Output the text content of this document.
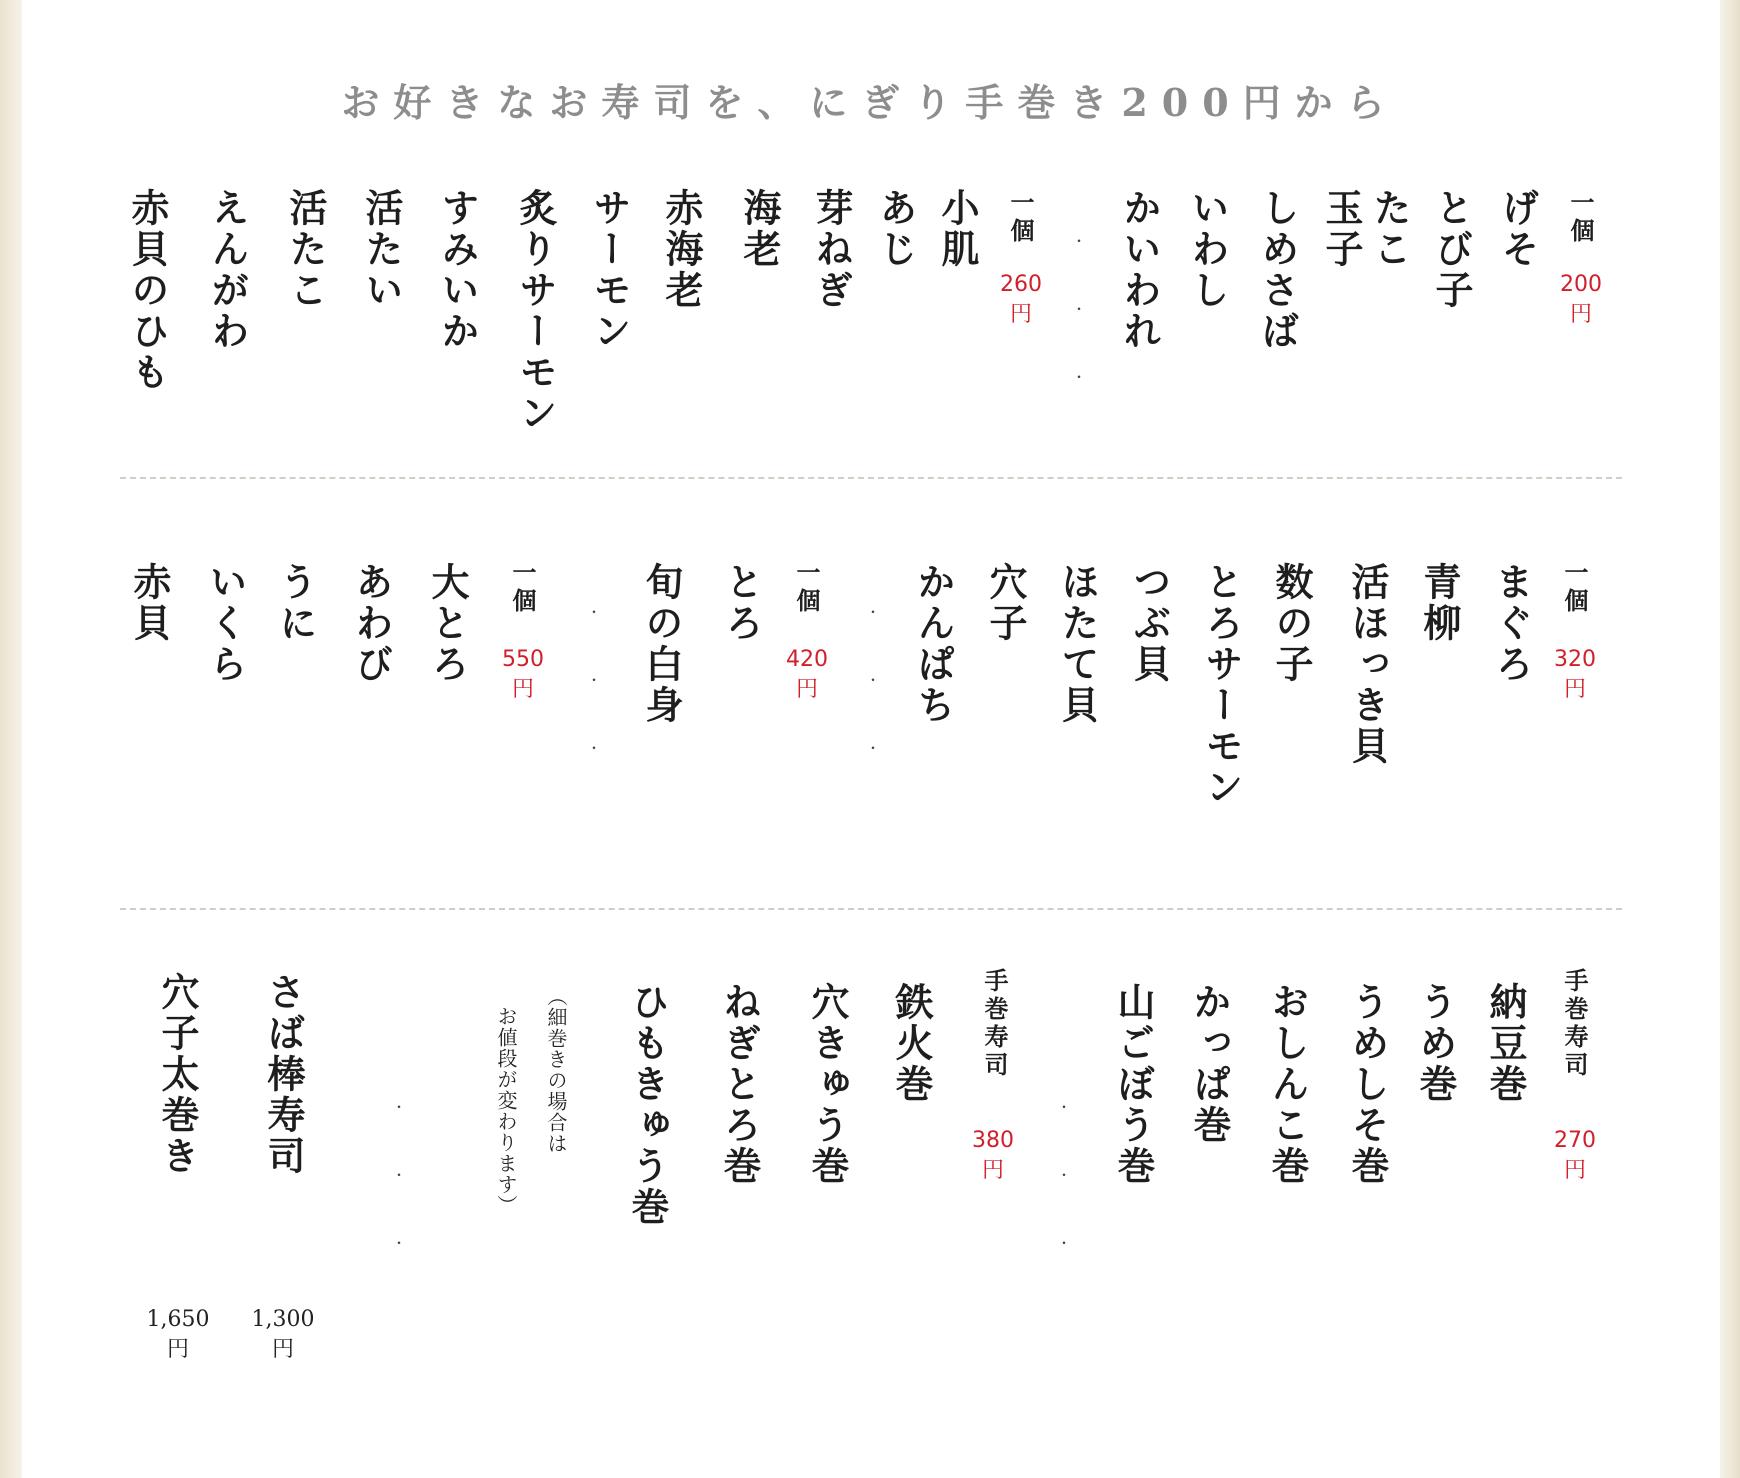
お好きなお寿司を、にぎり手巻き200円から
一個
200
円
げそ
とび子
たこ
玉子
しめさば
いわし
かいわれ
・・・
一個
260
円
小肌
あじ
芽ねぎ
海老
赤海老
サーモン
炙りサーモン
すみいか
活たい
活たこ
えんがわ
赤貝のひも
一個
320
円
まぐろ
青柳
活ほっき貝
数の子
とろサーモン
つぶ貝
ほたて貝
穴子
かんぱち
・・・
一個
420
円
とろ
旬の白身
・・・
一個
550
円
大とろ
あわび
うに
いくら
赤貝
手巻寿司
270
円
納豆巻
うめ巻
うめしそ巻
おしんこ巻
かっぱ巻
山ごぼう巻
・・・
手巻寿司
380
円
鉄火巻
穴きゅう巻
ねぎとろ巻
ひもきゅう巻
（細巻きの場合は
お値段が変わります）
・・・
さば棒寿司
1,300
円
穴子太巻き
1,650
円
